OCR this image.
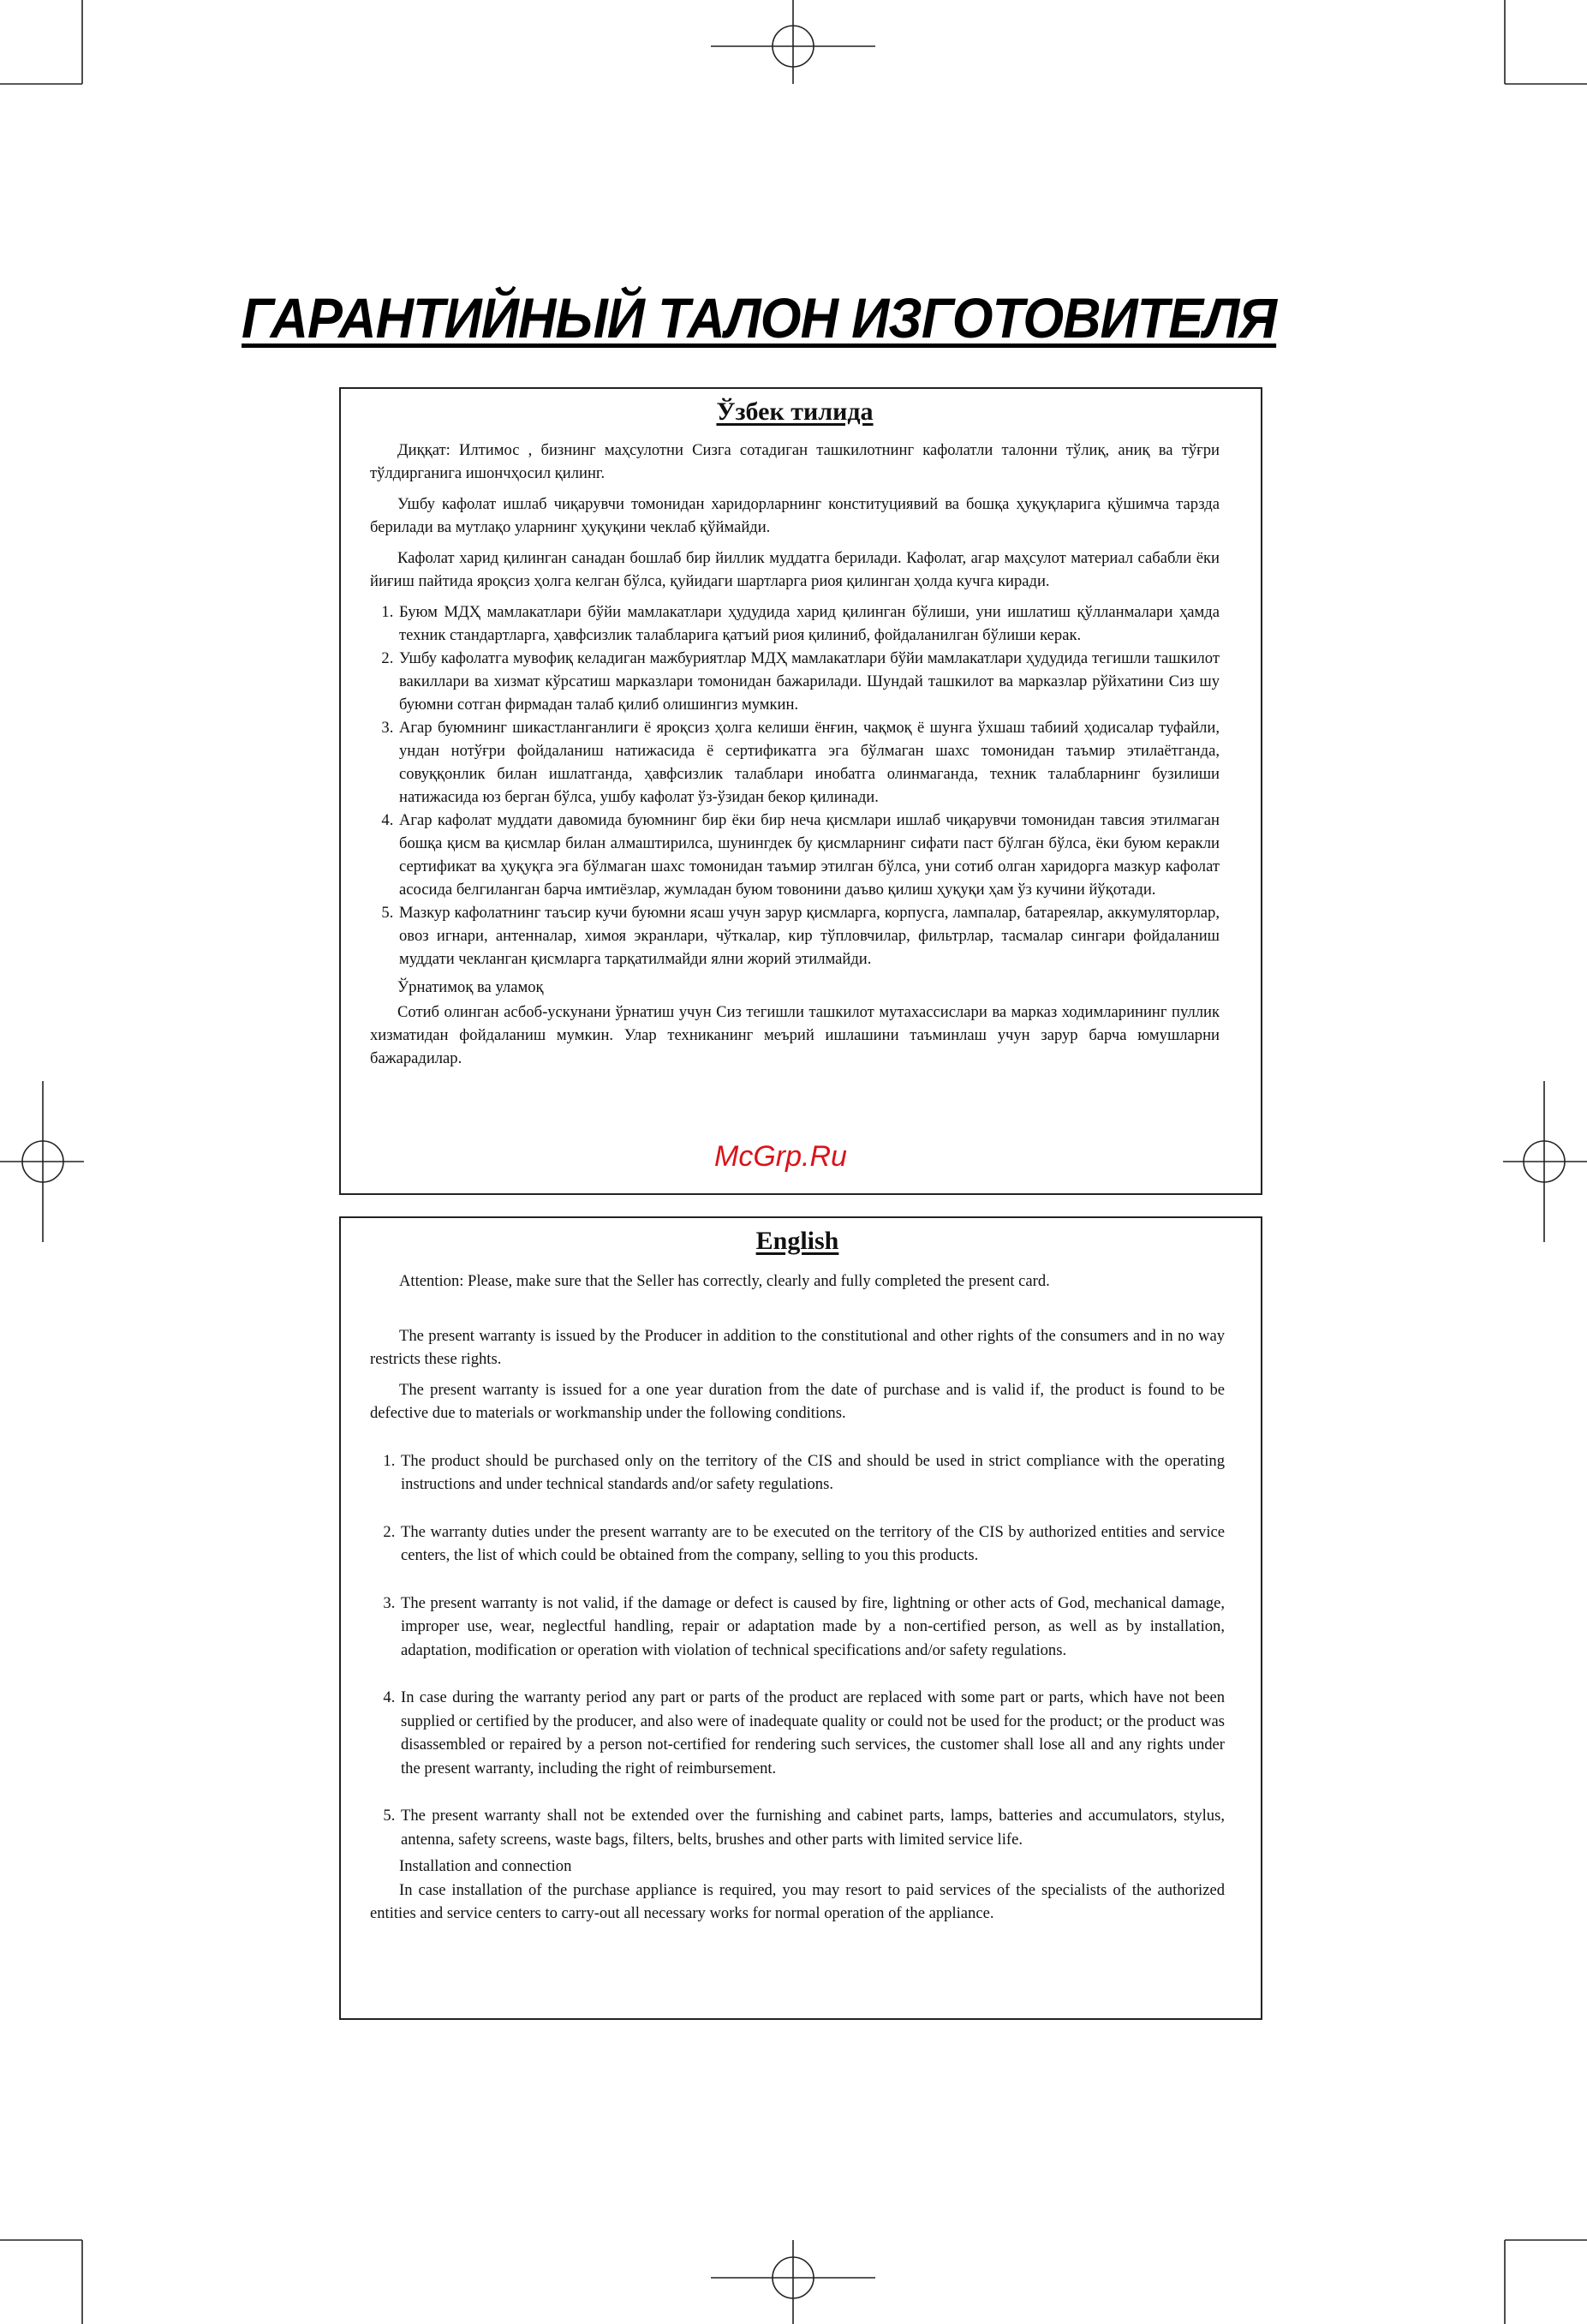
ГАРАНТИЙНЫЙ ТАЛОН ИЗГОТОВИТЕЛЯ
Ўзбек тилида

Диққат: Илтимос , бизнинг маҳсулотни Сизга сотадиган ташкилотнинг кафолатли талонни тўлиқ, аниқ ва тўғри тўлдирганига ишончҳосил қилинг.

Ушбу кафолат ишлаб чиқарувчи томонидан харидорларнинг конституциявий ва бошқа ҳуқуқларига қўшимча тарзда берилади ва мутлақо уларнинг ҳуқуқини чеклаб қўймайди.

Кафолат харид қилинган санадан бошлаб бир йиллик муддатга берилади. Кафолат, агар маҳсулот материал сабабли ёки йиғиш пайтида яроқсиз ҳолга келган бўлса, қуйидаги шартларга риоя қилинган ҳолда кучга киради.

1. Буюм МДҲ мамлакатлари бўйи мамлакатлари ҳудудида харид қилинган бўлиши, уни ишлатиш қўлланмалари ҳамда техник стандартларга, ҳавфсизлик талабларига қатъий риоя қилиниб, фойдаланилган бўлиши керак.
2. Ушбу кафолатга мувофиқ келадиган мажбуриятлар МДҲ мамлакатлари бўйи мамлакатлари ҳудудида тегишли ташкилот вакиллари ва хизмат кўрсатиш марказлари томонидан бажарилади. Шундай ташкилот ва марказлар рўйхатини Сиз шу буюмни сотган фирмадан талаб қилиб олишингиз мумкин.
3. Агар буюмнинг шикастланганлиги ё яроқсиз ҳолга келиши ёнғин, чақмоқ ё шунга ўхшаш табиий ҳодисалар туфайли, ундан нотўғри фойдаланиш натижасида ё сертификатга эга бўлмаган шахс томонидан таъмир этилаётганда, совуққонлик билан ишлатганда, ҳавфсизлик талаблари инобатга олинмаганда, техник талабларнинг бузилиши натижасида юз берган бўлса, ушбу кафолат ўз-ўзидан бекор қилинади.
4. Агар кафолат муддати давомида буюмнинг бир ёки бир неча қисмлари ишлаб чиқарувчи томонидан тавсия этилмаган бошқа қисм ва қисмлар билан алмаштирилса, шунингдек бу қисмларнинг сифати паст бўлган бўлса, ёки буюм керакли сертификат ва ҳуқуқга эга бўлмаган шахс томонидан таъмир этилган бўлса, уни сотиб олган харидорга мазкур кафолат асосида белгиланган барча имтиёзлар, жумладан буюм товонини даъво қилиш ҳуқуқи ҳам ўз кучини йўқотади.
5. Мазкур кафолатнинг таъсир кучи буюмни ясаш учун зарур қисмларга, корпусга, лампалар, батареялар, аккумуляторлар, овоз игнари, антенналар, химоя экранлари, чўткалар, кир тўпловчилар, фильтрлар, тасмалар сингари фойдаланиш муддати чекланган қисмларга тарқатилмайди ялни жорий этилмайди.
Ўрнатимоқ ва уламоқ

Сотиб олинган асбоб-ускунани ўрнатиш учун Сиз тегишли ташкилот мутахассислари ва марказ ходимларининг пуллик хизматидан фойдаланиш мумкин. Улар техниканинг меърий ишлашини таъминлаш учун зарур барча юмушларни бажарадилар.

McGrp.Ru
English

Attention: Please, make sure that the Seller has correctly, clearly and fully completed the present card.

The present warranty is issued by the Producer in addition to the constitutional and other rights of the consumers and in no way restricts these rights.

The present warranty is issued for a one year duration from the date of purchase and is valid if, the product is found to be defective due to materials or workmanship under the following conditions.

1. The product should be purchased only on the territory of the CIS and should be used in strict compliance with the operating instructions and under technical standards and/or safety regulations.
2. The warranty duties under the present warranty are to be executed on the territory of the CIS by authorized entities and service centers, the list of which could be obtained from the company, selling to you this products.
3. The present warranty is not valid, if the damage or defect is caused by fire, lightning or other acts of God, mechanical damage, improper use, wear, neglectful handling, repair or adaptation made by a non-certified person, as well as by installation, adaptation, modification or operation with violation of technical specifications and/or safety regulations.
4. In case during the warranty period any part or parts of the product are replaced with some part or parts, which have not been supplied or certified by the producer, and also were of inadequate quality or could not be used for the product; or the product was disassembled or repaired by a person not-certified for rendering such services, the customer shall lose all and any rights under the present warranty, including the right of reimbursement.
5. The present warranty shall not be extended over the furnishing and cabinet parts, lamps, batteries and accumulators, stylus, antenna, safety screens, waste bags, filters, belts, brushes and other parts with limited service life.
Installation and connection

In case installation of the purchase appliance is required, you may resort to paid services of the specialists of the authorized entities and service centers to carry-out all necessary works for normal operation of the appliance.
